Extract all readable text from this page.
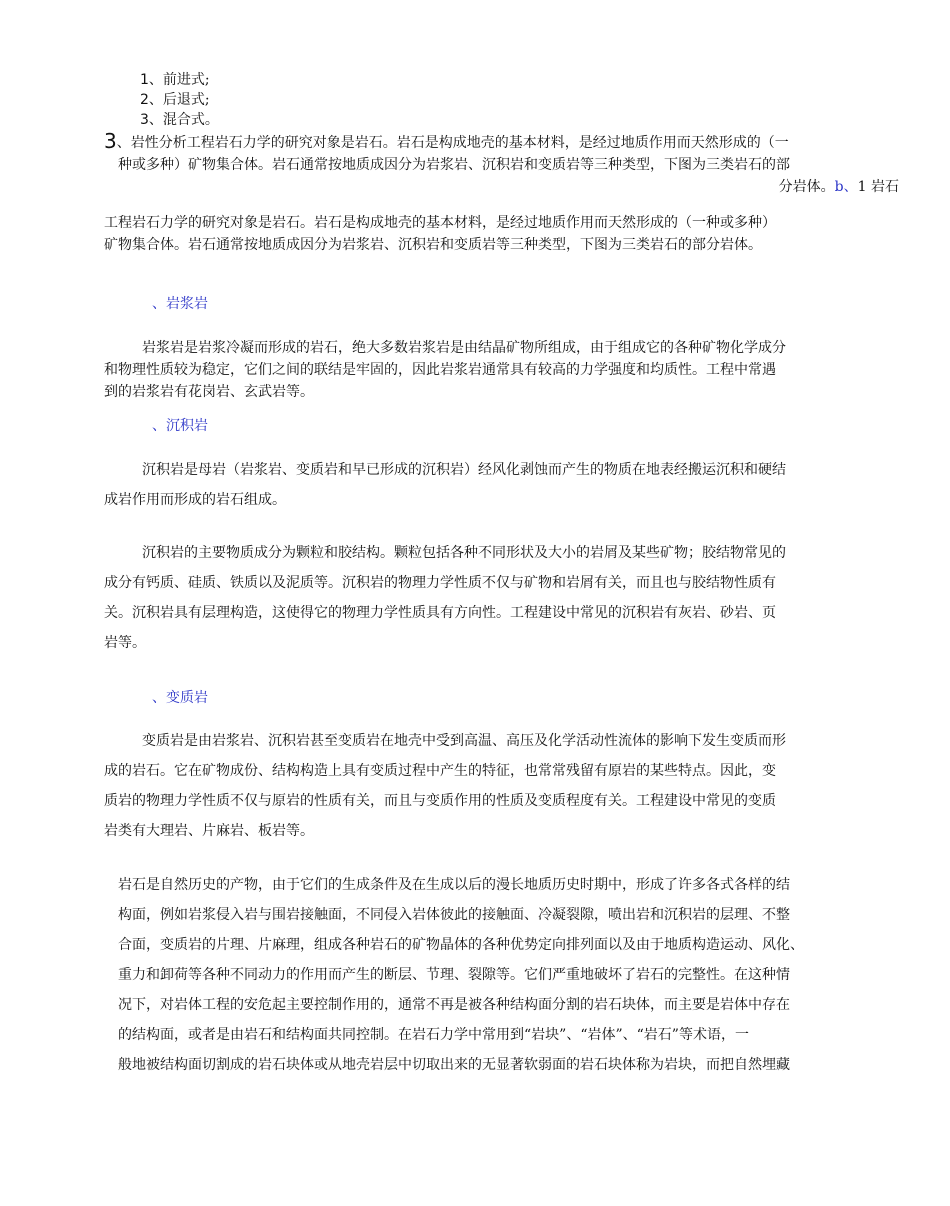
1、前进式;
2、后退式;
3、混合式。
3、岩性分析工程岩石力学的研究对象是岩石。岩石是构成地壳的基本材料，是经过地质作用而天然形成的（一
种或多种）矿物集合体。岩石通常按地质成因分为岩浆岩、沉积岩和变质岩等三种类型，下图为三类岩石的部
分岩体。b、1 岩石

工程岩石力学的研究对象是岩石。岩石是构成地壳的基本材料，是经过地质作用而天然形成的（一种或多种）
矿物集合体。岩石通常按地质成因分为岩浆岩、沉积岩和变质岩等三种类型，下图为三类岩石的部分岩体。

、岩浆岩

岩浆岩是岩浆冷凝而形成的岩石，绝大多数岩浆岩是由结晶矿物所组成，由于组成它的各种矿物化学成分
和物理性质较为稳定，它们之间的联结是牢固的，因此岩浆岩通常具有较高的力学强度和均质性。工程中常遇
到的岩浆岩有花岗岩、玄武岩等。

、沉积岩

沉积岩是母岩（岩浆岩、变质岩和早已形成的沉积岩）经风化剥蚀而产生的物质在地表经搬运沉积和硬结
成岩作用而形成的岩石组成。

沉积岩的主要物质成分为颗粒和胶结构。颗粒包括各种不同形状及大小的岩屑及某些矿物；胶结物常见的
成分有钙质、硅质、铁质以及泥质等。沉积岩的物理力学性质不仅与矿物和岩屑有关，而且也与胶结物性质有
关。沉积岩具有层理构造，这使得它的物理力学性质具有方向性。工程建设中常见的沉积岩有灰岩、砂岩、页
岩等。

、变质岩

变质岩是由岩浆岩、沉积岩甚至变质岩在地壳中受到高温、高压及化学活动性流体的影响下发生变质而形
成的岩石。它在矿物成份、结构构造上具有变质过程中产生的特征，也常常残留有原岩的某些特点。因此，变
质岩的物理力学性质不仅与原岩的性质有关，而且与变质作用的性质及变质程度有关。工程建设中常见的变质
岩类有大理岩、片麻岩、板岩等。

岩石是自然历史的产物，由于它们的生成条件及在生成以后的漫长地质历史时期中，形成了许多各式各样的结
构面，例如岩浆侵入岩与围岩接触面，不同侵入岩体彼此的接触面、冷凝裂隙，喷出岩和沉积岩的层理、不整
合面，变质岩的片理、片麻理，组成各种岩石的矿物晶体的各种优势定向排列面以及由于地质构造运动、风化、
重力和卸荷等各种不同动力的作用而产生的断层、节理、裂隙等。它们严重地破坏了岩石的完整性。在这种情
况下，对岩体工程的安危起主要控制作用的，通常不再是被各种结构面分割的岩石块体，而主要是岩体中存在
的结构面，或者是由岩石和结构面共同控制。在岩石力学中常用到“岩块”、“岩体”、“岩石”等术语，一
般地被结构面切割成的岩石块体或从地壳岩层中切取出来的无显著软弱面的岩石块体称为岩块，而把自然埋藏
